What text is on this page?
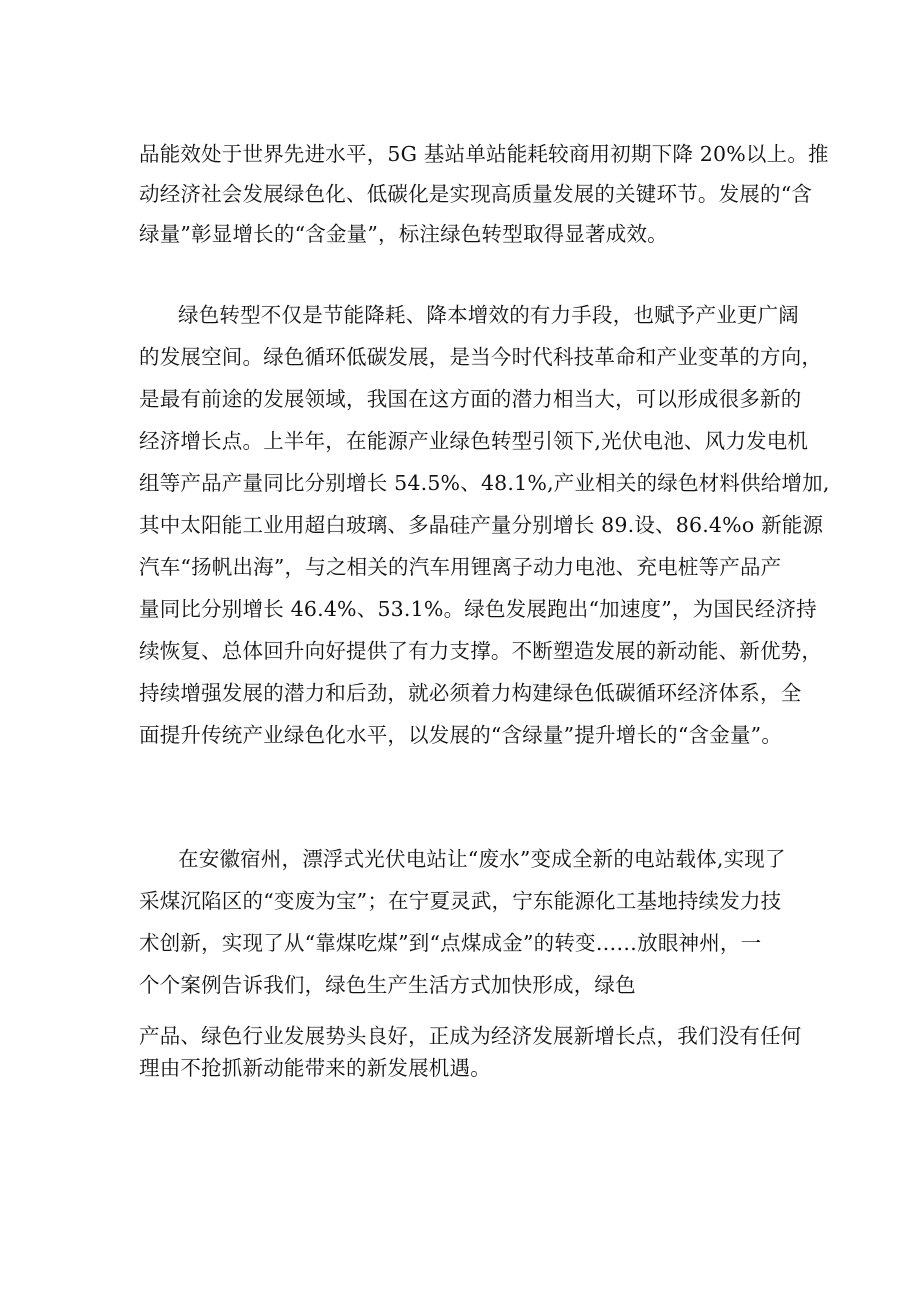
品能效处于世界先进水平，5G 基站单站能耗较商用初期下降 20%以上。推
动经济社会发展绿色化、低碳化是实现高质量发展的关键环节。发展的“含
绿量”彰显增长的“含金量”，标注绿色转型取得显著成效。
绿色转型不仅是节能降耗、降本增效的有力手段，也赋予产业更广阔
的发展空间。绿色循环低碳发展，是当今时代科技革命和产业变革的方向，
是最有前途的发展领域，我国在这方面的潜力相当大，可以形成很多新的
经济增长点。上半年，在能源产业绿色转型引领下,光伏电池、风力发电机
组等产品产量同比分别增长 54.5%、48.1%,产业相关的绿色材料供给增加,
其中太阳能工业用超白玻璃、多晶硅产量分别增长 89.设、86.4%o 新能源
汽车“扬帆出海”，与之相关的汽车用锂离子动力电池、充电桩等产品产
量同比分别增长 46.4%、53.1%。绿色发展跑出“加速度”，为国民经济持
续恢复、总体回升向好提供了有力支撑。不断塑造发展的新动能、新优势，
持续增强发展的潜力和后劲，就必须着力构建绿色低碳循环经济体系，全
面提升传统产业绿色化水平，以发展的“含绿量”提升增长的“含金量”。
在安徽宿州，漂浮式光伏电站让“废水”变成全新的电站载体,实现了
采煤沉陷区的“变废为宝”；在宁夏灵武，宁东能源化工基地持续发力技
术创新，实现了从“靠煤吃煤”到“点煤成金”的转变……放眼神州，一
个个案例告诉我们，绿色生产生活方式加快形成，绿色
产品、绿色行业发展势头良好，正成为经济发展新增长点，我们没有任何
理由不抢抓新动能带来的新发展机遇。
